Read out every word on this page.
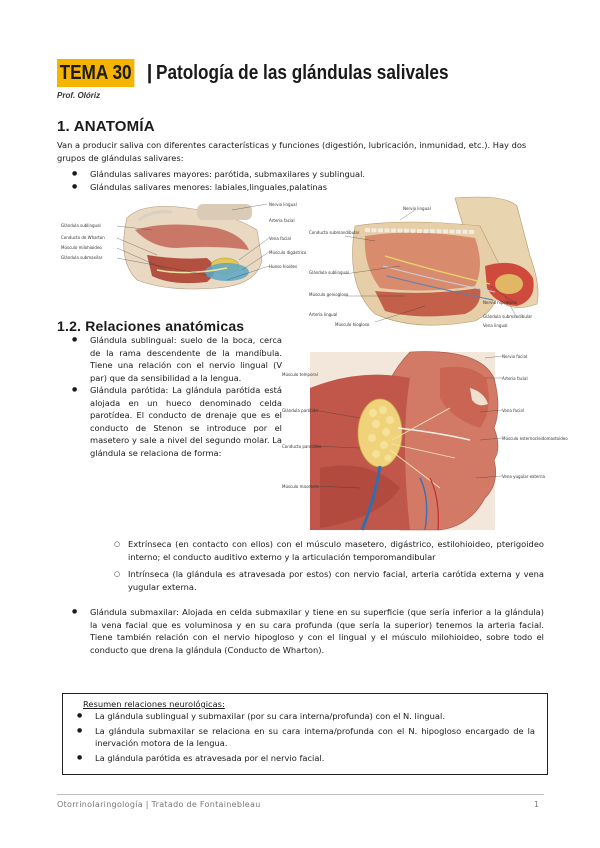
TEMA 30 | Patología de las glándulas salivales
Prof. Olóriz
1. ANATOMÍA
Van a producir saliva con diferentes características y funciones (digestión, lubricación, inmunidad, etc.). Hay dos grupos de glándulas salivares:
● Glándulas salivares mayores: parótida, submaxilares y sublingual.
● Glándulas salivares menores: labiales,linguales,palatinas
Glándula sublingual
Conducto de Wharton
Músculo milohioideo
Glándula submaxilar
Nervio lingual
Arteria facial
Vena facial
Músculo digástrico
Hueso hioides
Nervio lingual
Conducto submandibular
Glándula sublingual
Músculo geniogloso
Arteria lingual
Músculo hiogloso
Nervio hipogloso
Glándula submandibular
Vena lingual
1.2. Relaciones anatómicas
● Glándula sublingual: suelo de la boca, cerca de la rama descendente de la mandíbula. Tiene una relación con el nervio lingual (V par) que da sensibilidad a la lengua.
● Glándula parótida: La glándula parótida está alojada en un hueco denominado celda parotídea. El conducto de drenaje que es el conducto de Stenon se introduce por el masetero y sale a nivel del segundo molar. La glándula se relaciona de forma:
Músculo temporal
Glándula parótida
Conducto parotídeo
Músculo masetero
Nervio facial
Arteria facial
Vena facial
Músculo esternocleidomastoideo
Vena yugular externa
○ Extrínseca (en contacto con ellos) con el músculo masetero, digástrico, estilohioideo, pterigoideo interno; el conducto auditivo externo y la articulación temporomandibular
○ Intrínseca (la glándula es atravesada por estos) con nervio facial, arteria carótida externa y vena yugular externa.
● Glándula submaxilar: Alojada en celda submaxilar y tiene en su superficie (que sería inferior a la glándula) la vena facial que es voluminosa y en su cara profunda (que sería la superior) tenemos la arteria facial. Tiene también relación con el nervio hipogloso y con el lingual y el músculo milohioideo, sobre todo el conducto que drena la glándula (Conducto de Wharton).
Resumen relaciones neurológicas:
● La glándula sublingual y submaxilar (por su cara interna/profunda) con el N. lingual.
● La glándula submaxilar se relaciona en su cara interna/profunda con el N. hipogloso encargado de la inervación motora de la lengua.
● La glándula parótida es atravesada por el nervio facial.
Otorrinolaringología | Tratado de Fontainebleau	1
